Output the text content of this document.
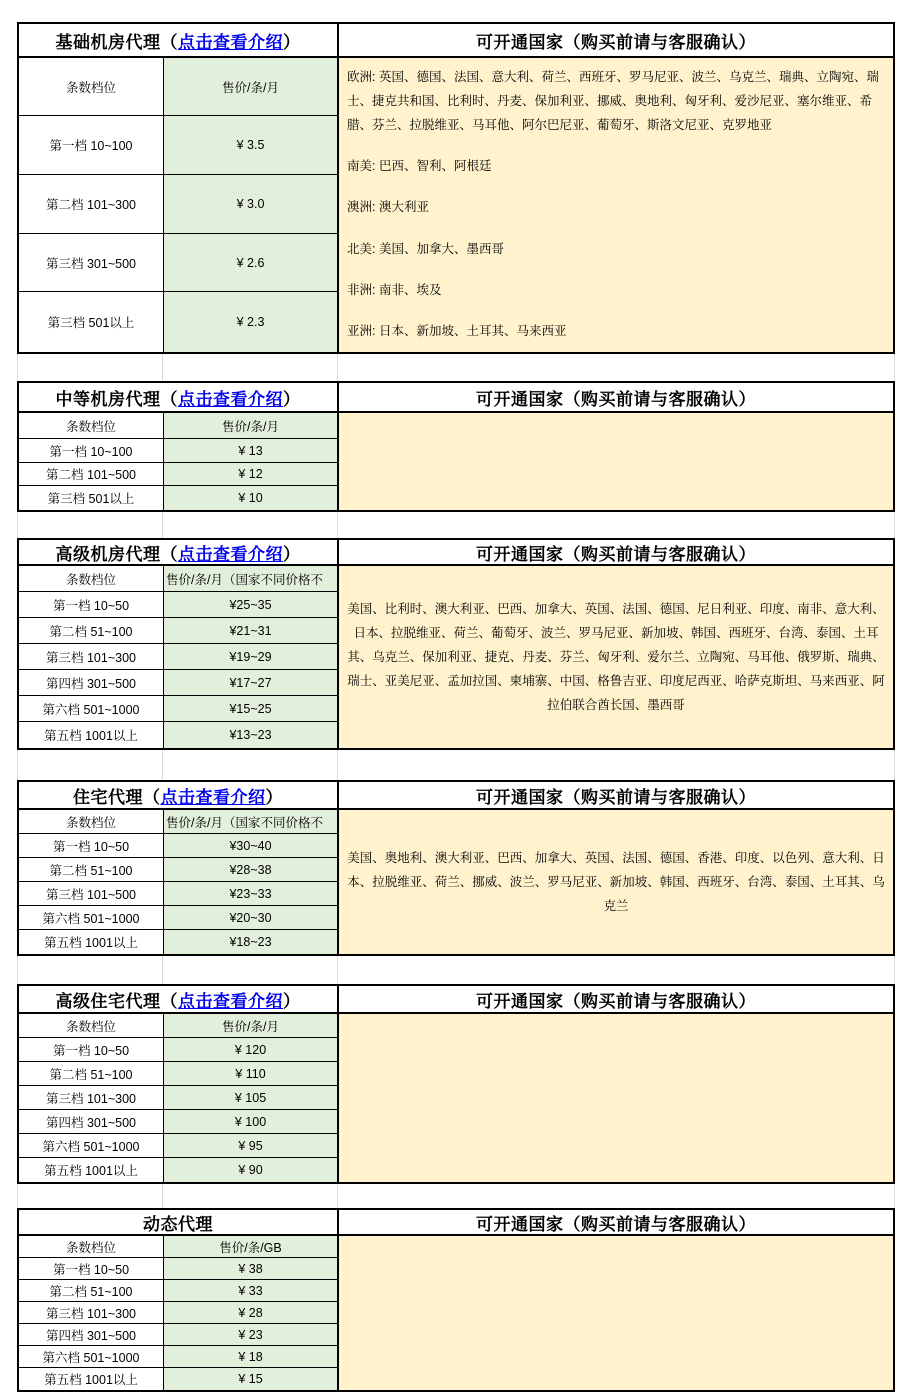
基础机房代理 （ 点击查看介绍 ）	可开通国家（购买前请与客服确认）

欧洲: 英国、德国、法国、意大利、荷兰、西班牙、罗马尼亚、波兰、乌克兰、瑞典、立陶宛、瑞士、捷克共和国、比利时、丹麦、保加利亚、挪威、奥地利、匈牙利、爱沙尼亚、塞尔维亚、希腊、芬兰、拉脱维亚、马耳他、阿尔巴尼亚、葡萄牙、斯洛文尼亚、克罗地亚

南美: 巴西、智利、阿根廷

澳洲: 澳大利亚

北美: 美国、加拿大、墨西哥

非洲: 南非、埃及

亚洲: 日本、新加坡、土耳其、马来西亚

条数档位	售价/条/月
第一档 10~100	¥ 3.5
第二档 101~300	¥ 3.0
第三档 301~500	¥ 2.6
第三档 501以上	¥ 2.3
中等机房代理 （ 点击查看介绍 ）	可开通国家（购买前请与客服确认）
条数档位	售价/条/月
第一档 10~100	¥ 13
第二档 101~500	¥ 12
第三档 501以上	¥ 10
高级机房代理 （ 点击查看介绍 ）	可开通国家（购买前请与客服确认）

美国、比利时、澳大利亚、巴西、加拿大、英国、法国、德国、尼日利亚、印度、南非、意大利、日本、拉脱维亚、荷兰、葡萄牙、波兰、罗马尼亚、新加坡、韩国、西班牙、台湾、泰国、土耳其、乌克兰、保加利亚、捷克、丹麦、芬兰、匈牙利、爱尔兰、立陶宛、马耳他、俄罗斯、瑞典、瑞士、亚美尼亚、孟加拉国、柬埔寨、中国、格鲁吉亚、印度尼西亚、哈萨克斯坦、马来西亚、阿拉伯联合酋长国、墨西哥

条数档位	售价/条/月（国家不同价格不
第一档 10~50	¥25~35
第二档 51~100	¥21~31
第三档 101~300	¥19~29
第四档 301~500	¥17~27
第六档 501~1000	¥15~25
第五档 1001以上	¥13~23
住宅代理 （ 点击查看介绍 ）	可开通国家（购买前请与客服确认）

美国、奥地利、澳大利亚、巴西、加拿大、英国、法国、德国、香港、印度、以色列、意大利、日本、拉脱维亚、荷兰、挪威、波兰、罗马尼亚、新加坡、韩国、西班牙、台湾、泰国、土耳其、乌克兰

条数档位	售价/条/月（国家不同价格不
第一档 10~50	¥30~40
第二档 51~100	¥28~38
第三档 101~500	¥23~33
第六档 501~1000	¥20~30
第五档 1001以上	¥18~23
高级住宅代理 （ 点击查看介绍 ）	可开通国家（购买前请与客服确认）
条数档位	售价/条/月
第一档 10~50	¥ 120
第二档 51~100	¥ 110
第三档 101~300	¥ 105
第四档 301~500	¥ 100
第六档 501~1000	¥ 95
第五档 1001以上	¥ 90
动态代理	可开通国家（购买前请与客服确认）
条数档位	售价/条/GB
第一档 10~50	¥ 38
第二档 51~100	¥ 33
第三档 101~300	¥ 28
第四档 301~500	¥ 23
第六档 501~1000	¥ 18
第五档 1001以上	¥ 15
